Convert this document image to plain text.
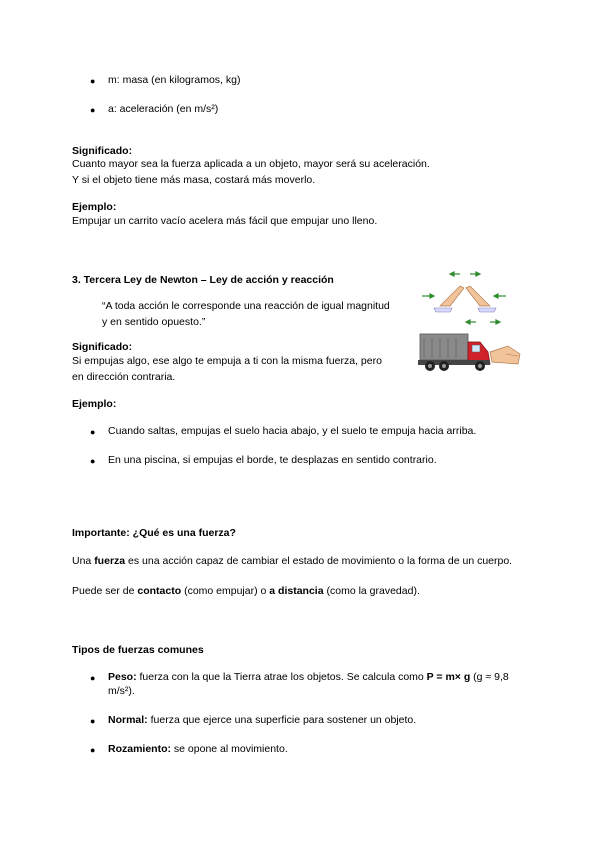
● m: masa (en kilogramos, kg)
● a: aceleración (en m/s²)
Significado:
Cuanto mayor sea la fuerza aplicada a un objeto, mayor será su aceleración.
Y si el objeto tiene más masa, costará más moverlo.
Ejemplo:
Empujar un carrito vacío acelera más fácil que empujar uno lleno.
3. Tercera Ley de Newton – Ley de acción y reacción
“A toda acción le corresponde una reacción de igual magnitud
y en sentido opuesto.”
Significado:
Si empujas algo, ese algo te empuja a ti con la misma fuerza, pero
en dirección contraria.
Ejemplo:
● Cuando saltas, empujas el suelo hacia abajo, y el suelo te empuja hacia arriba.
● En una piscina, si empujas el borde, te desplazas en sentido contrario.
Importante: ¿Qué es una fuerza?
Una fuerza es una acción capaz de cambiar el estado de movimiento o la forma de un cuerpo.
Puede ser de contacto (como empujar) o a distancia (como la gravedad).
Tipos de fuerzas comunes
● Peso: fuerza con la que la Tierra atrae los objetos. Se calcula como P = m× g (g ≈ 9,8 m/s²).
● Normal: fuerza que ejerce una superficie para sostener un objeto.
● Rozamiento: se opone al movimiento.
